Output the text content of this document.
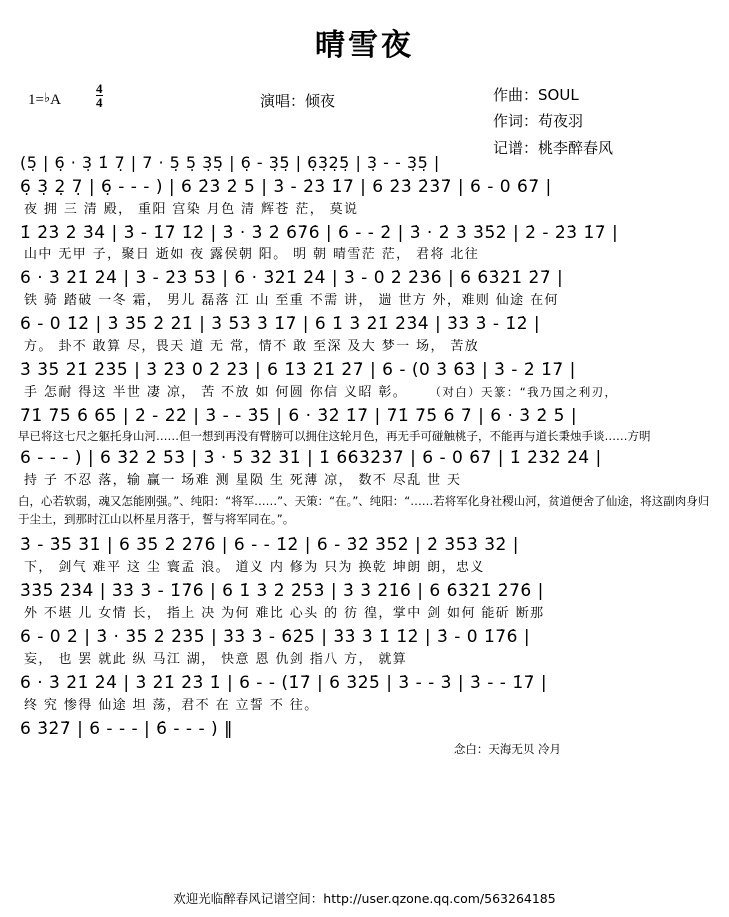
晴雪夜
1=♭A
4
4	演唱：倾夜	作曲：SOUL
作词：苟夜羽
记谱：桃李醉春风
(5̣ | 6̣ · 3̣ 1̇ 7̣ | 7 · 5̣ 5̣ 3̣5̣ | 6̣ - 3̣5̣ | 6̣3̣2̣5̣ | 3̣ - - 3̣5̣ |
6̣ 3̣ 2̣ 7̣ | 6̣ - - - ) | 6 2̇3̇ 2̇ 5̇ | 3̇ - 2̇3̇ 1̇7̇ | 6 2̇3̇ 2̇3̇7̇ | 6 - 0 6̇7̇ |
夜 拥 三 清 殿， 重阳 宫染 月色 清 辉苍 茫， 莫说
1̇ 2̇3̇ 2̇ 3̇4̇ | 3̇ - 1̇7̇ 1̇2̇ | 3̇ · 3̇ 2̇ 6̇7̇6̇ | 6 - - 2̇ | 3̇ · 2̇ 3̇ 3̇5̇2̇ | 2̇ - 2̇3̇ 1̇7̇ |
山中 无甲 子，聚日 逝如 夜 露侯朝 阳。 明 朝 晴雪茫 茫， 君将 北往
6 · 3̇ 2̇1̇ 2̇4̇ | 3̇ - 2̇3̇ 5̇3̇ | 6 · 3̇2̇1̇ 2̇4̇ | 3̇ - 0 2̇ 2̇3̇6̇ | 6 6̇3̇2̇1̇ 2̇7̇ |
铁 骑 踏破 一冬 霜， 男儿 磊落 江 山 至重 不需 讲， 遄 世方 外，难则 仙途 在何
6 - 0 1̇2̇ | 3̇ 3̇5̇ 2̇ 2̇1̇ | 3̇ 5̇3̇ 3̇ 1̇7̇ | 6 1̇ 3̇ 2̇1̇ 2̇3̇4̇ | 3̇3̇ 3̇ - 1̇2̇ |
方。 卦不 敢算 尽，畏天 道 无 常，情不 敢 至深 及大 梦一 场， 苦放
3̇ 3̇5̇ 2̇1̇ 2̇3̇5̇ | 3̇ 2̇3̇ 0 2̇ 2̇3̇ | 6 1̇3̇ 2̇1̇ 2̇7̇ | 6 - (0 3̇ 6̇3̇ | 3̇ - 2̇ 1̇7̇ |
手 怎耐 得这 半世 凄 凉， 苦 不放 如 何圆 你信 义昭 彰。 （对白）天篆：“我乃国之利刃，
7̇1̇ 7̇5̇ 6̇ 6̇5̇ | 2̇ - 2̇2̇ | 3̇ - - 3̇5̇ | 6 · 3̇2̇ 1̇7̇ | 7̇1̇ 7̇5̇ 6̇ 7̇ | 6 · 3̇ 2̇ 5̇ |
早已将这七尺之躯托身山河……但一想到再没有臂膀可以拥住这轮月色，再无手可碰触桃子，不能再与道长秉烛手谈……方明
6 - - - ) | 6 3̇2̇ 2̇ 5̇3̇ | 3̇ · 5̇ 3̇2̇ 3̇1̇ | 1̇ 6̇6̇3̇2̇3̇7̇ | 6 - 0 6̇7̇ | 1̇ 2̇3̇2̇ 2̇4̇ |
持 子 不忍 落，输 赢一 场难 测 星陨 生 死薄 凉， 数不 尽乱 世 天
白，心若软弱，魂又怎能刚强。”、纯阳：“将军……”、天策：“在。”、纯阳：“……若将军化身社稷山河，贫道便舍了仙途，将这副肉身归于尘土，到那时江山以杯星月落于，誓与将军同在。”。
3̇ - 3̇5̇ 3̇1̇ | 6 3̇5̇ 2̇ 2̇7̇6̇ | 6 - - 1̇2̇ | 6 - 3̇2̇ 3̇5̇2̇ | 2̇ 3̇5̇3̇ 3̇2̇ |
下， 剑气 难平 这 尘 寰孟 浪。 道义 内 修为 只为 换乾 坤朗 朗，忠义
3̇3̇5̇ 2̇3̇4̇ | 3̇3̇ 3̇ - 1̇7̇6̇ | 6 1̇ 3̇ 2̇ 2̇5̇3̇ | 3̇ 3̇ 2̇1̇6̇ | 6 6̇3̇2̇1̇ 2̇7̇6̇ |
外 不堪 儿 女情 长， 指上 决 为何 难比 心头 的 彷 徨，掌中 剑 如何 能斫 断那
6 - 0 2̇ | 3̇ · 3̇5̇ 2̇ 2̇3̇5̇ | 3̇3̇ 3̇ - 6̇2̇5̇ | 3̇3̇ 3̇ 1̇ 1̇2̇ | 3̇ - 0 1̇7̇6̇ |
妄， 也 罢 就此 纵 马江 湖， 快意 恩 仇剑 指八 方， 就算
6 · 3̇ 2̇1̇ 2̇4̇ | 3̇ 2̇1̇ 2̇3̇ 1̇ | 6 - - (1̇7̇ | 6 3̇2̇5̇ | 3̇ - - 3̇ | 3̇ - - 1̇7̇ |
终 究 惨得 仙途 坦 荡，君不 在 立誓 不 往。
6 3̇2̇7̇ | 6 - - - | 6̇ - - - ) ‖
念白：天海无贝 冷月
欢迎光临醉春风记谱空间：http://user.qzone.qq.com/563264185
